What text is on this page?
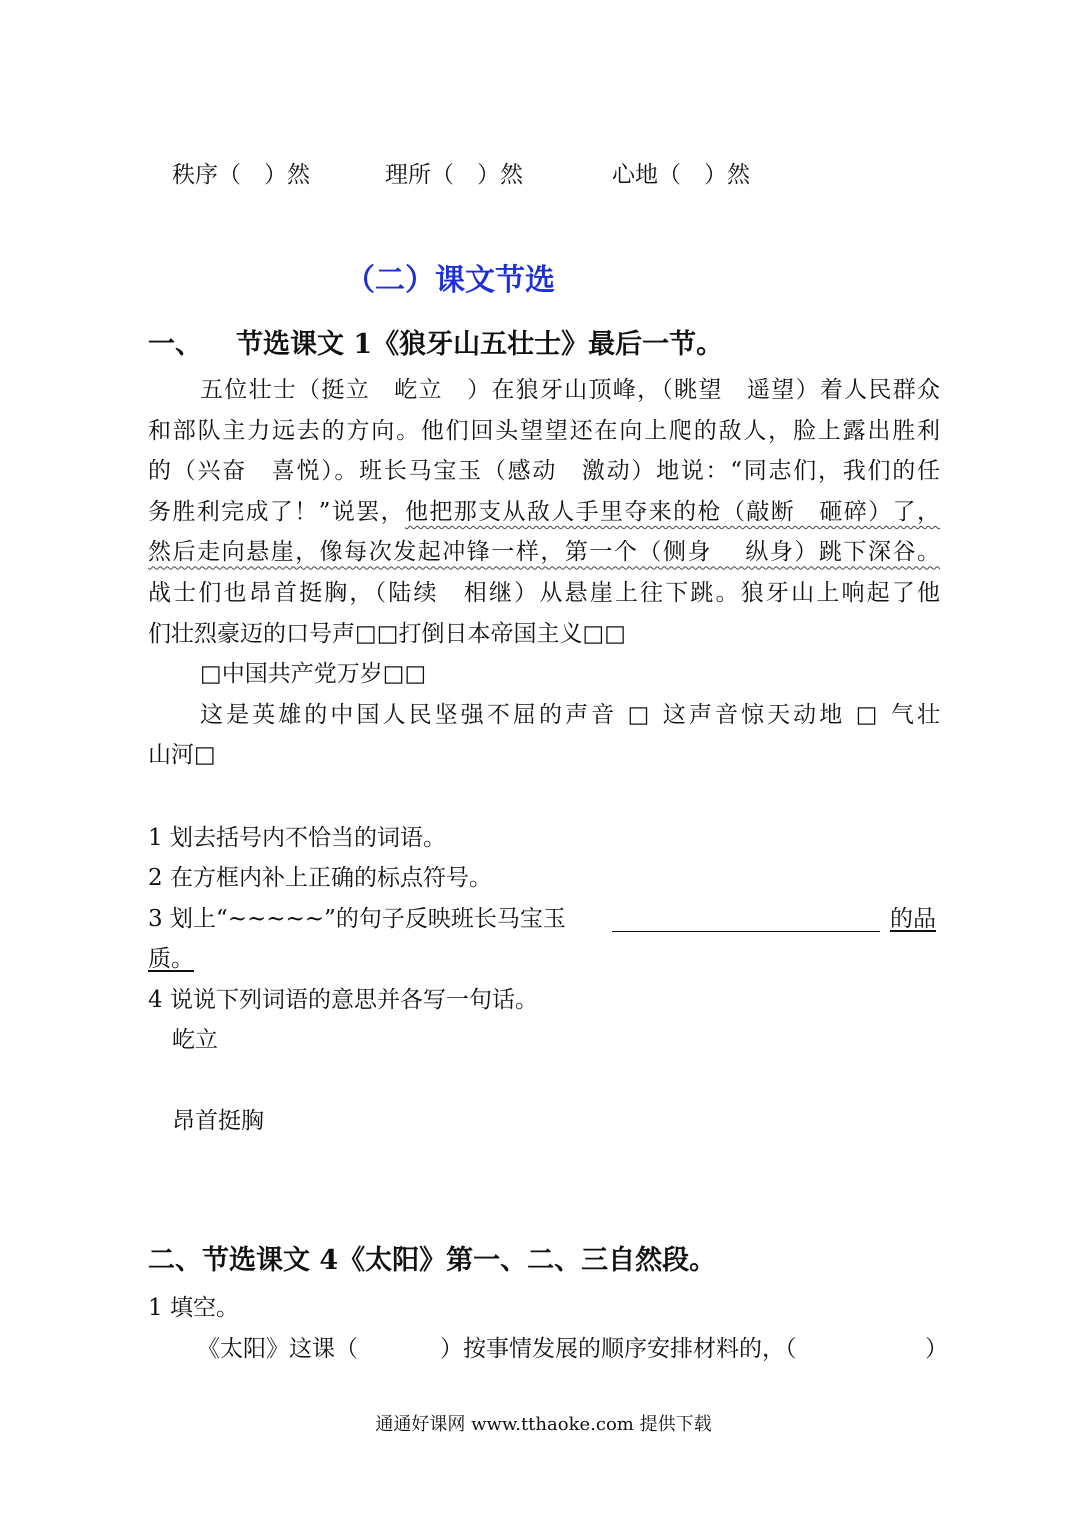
秩序（　）然	理所（　）然	心地（　）然
（二）课文节选
一、 节选课文 1《狼牙山五壮士》最后一节。
五位壮士（挺立　屹立　）在狼牙山顶峰，（眺望　遥望）着人民群众
和部队主力远去的方向。他们回头望望还在向上爬的敌人，脸上露出胜利
的（兴奋　喜悦）。班长马宝玉（感动　激动）地说：“同志们，我们的任
务胜利完成了！”说罢，他把那支从敌人手里夺来的枪（敲断　砸碎）了，
然后走向悬崖，像每次发起冲锋一样，第一个（侧身　 纵身）跳下深谷。
战士们也昂首挺胸，（陆续　相继）从悬崖上往下跳。狼牙山上响起了他
们壮烈豪迈的口号声□□打倒日本帝国主义□□
□中国共产党万岁□□
这是英雄的中国人民坚强不屈的声音 □ 这声音惊天动地 □ 气壮
山河□
1 划去括号内不恰当的词语。
2 在方框内补上正确的标点符号。
3 划上“~~~~~”的句子反映班长马宝玉	的品
质。
4 说说下列词语的意思并各写一句话。
屹立
昂首挺胸
二、节选课文 4《太阳》第一、二、三自然段。
1 填空。
《太阳》这课（	）按事情发展的顺序安排材料的，（	）
通通好课网 www.tthaoke.com 提供下载
